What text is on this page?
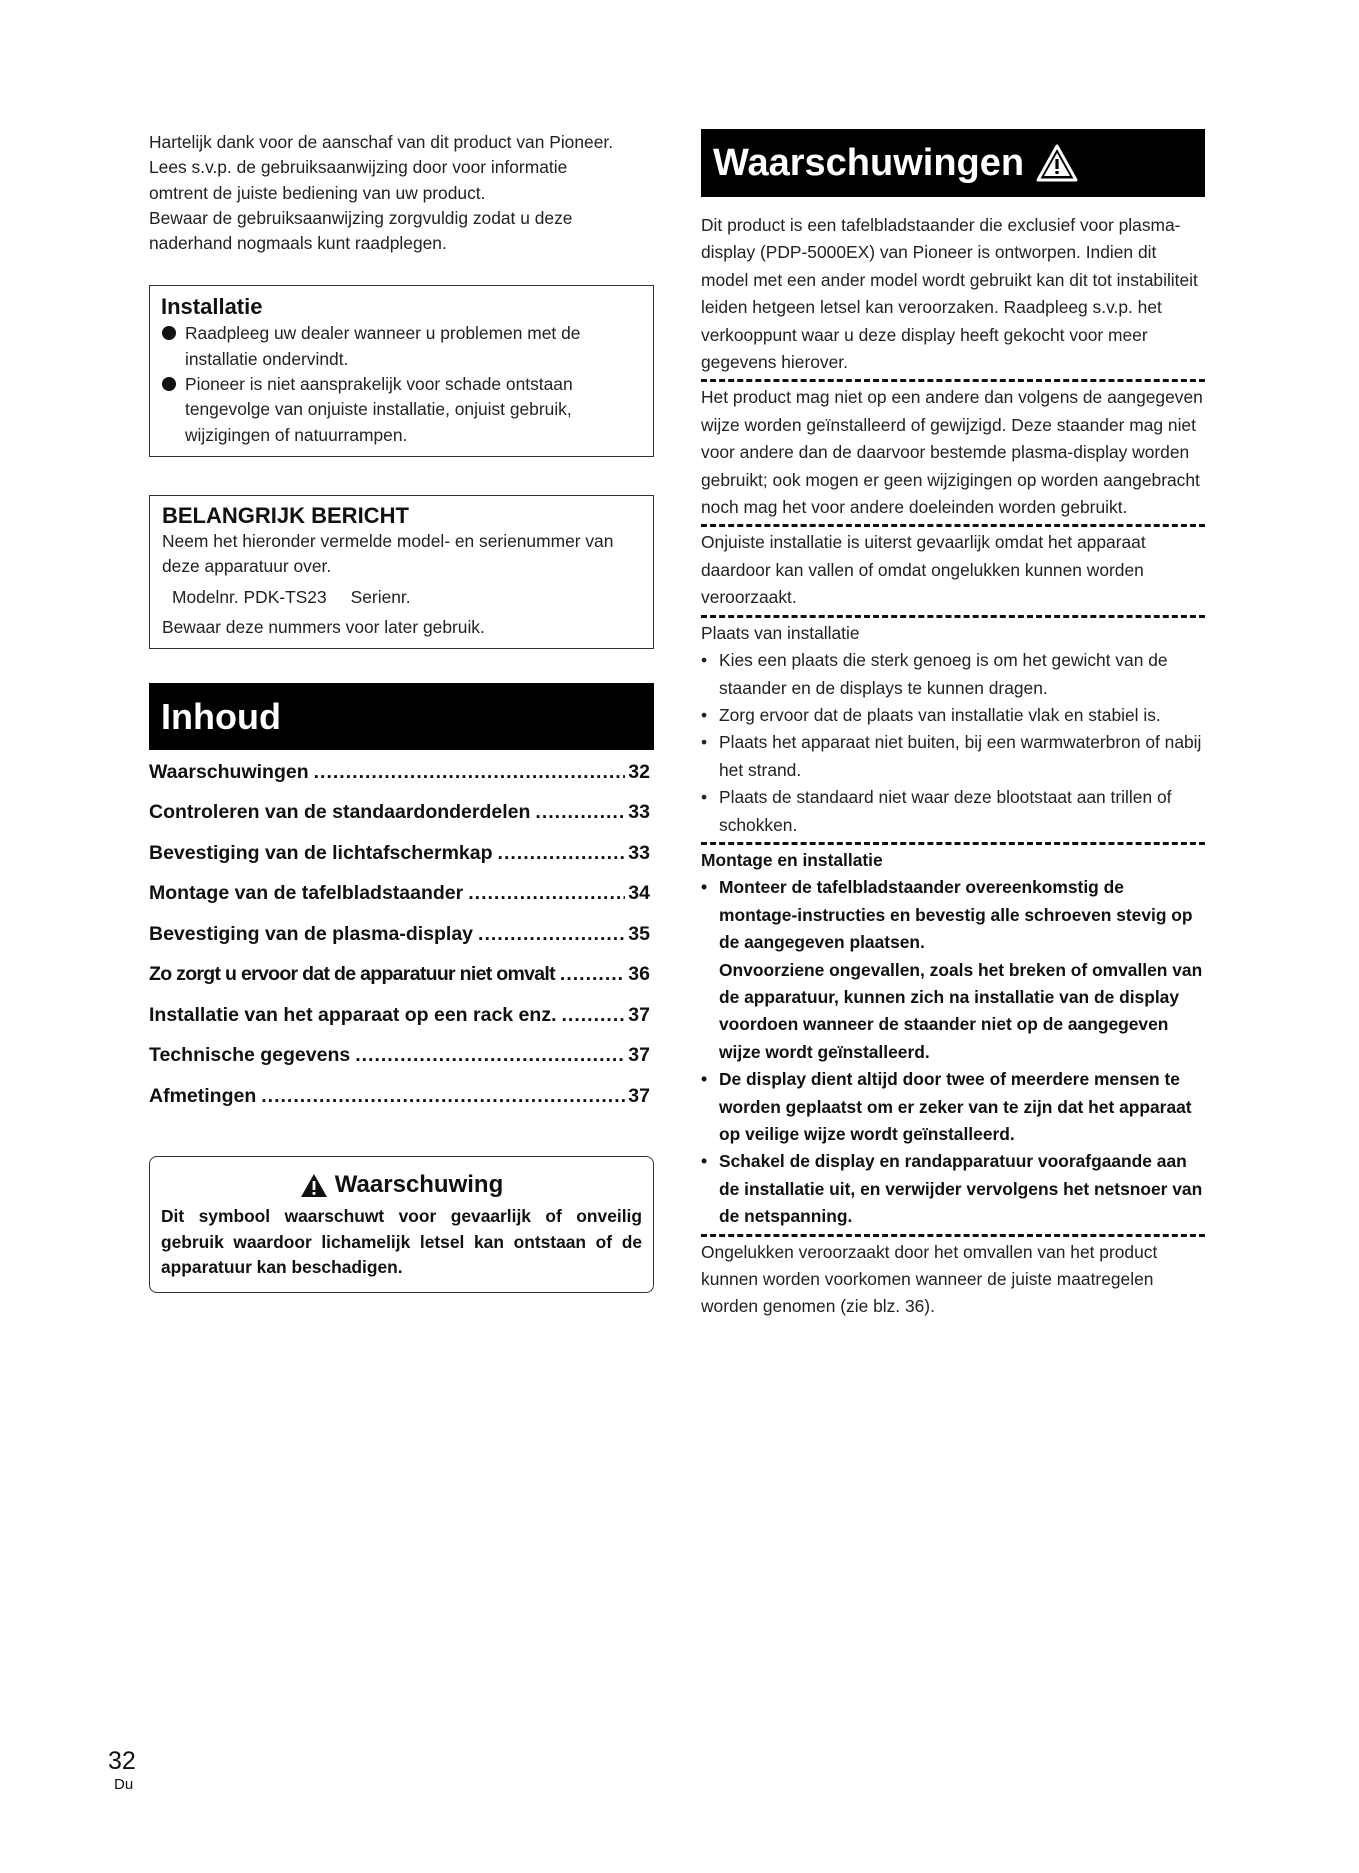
Hartelijk dank voor de aanschaf van dit product van Pioneer.

Lees s.v.p. de gebruiksaanwijzing door voor informatie

omtrent de juiste bediening van uw product.

Bewaar de gebruiksaanwijzing zorgvuldig zodat u deze

naderhand nogmaals kunt raadplegen.

Installatie
Raadpleeg uw dealer wanneer u problemen met de installatie ondervindt.
Pioneer is niet aansprakelijk voor schade ontstaan tengevolge van onjuiste installatie, onjuist gebruik, wijzigingen of natuurrampen.
BELANGRIJK BERICHT

Neem het hieronder vermelde model- en serienummer van deze apparatuur over.

Modelnr. PDK-TS23 Serienr.

Bewaar deze nummers voor later gebruik.

Inhoud
Waarschuwingen .....	32
Controleren van de standaardonderdelen .....	33
Bevestiging van de lichtafschermkap .....	33
Montage van de tafelbladstaander .....	34
Bevestiging van de plasma-display .....	35
Zo zorgt u ervoor dat de apparatuur niet omvalt .....	36
Installatie van het apparaat op een rack enz. .....	37
Technische gegevens .....	37
Afmetingen .....	37
Waarschuwing

Dit symbool waarschuwt voor gevaarlijk of onveilig gebruik waardoor lichamelijk letsel kan ontstaan of de apparatuur kan beschadigen.

Waarschuwingen

Dit product is een tafelbladstaander die exclusief voor plasma-display (PDP-5000EX) van Pioneer is ontworpen. Indien dit model met een ander model wordt gebruikt kan dit tot instabiliteit leiden hetgeen letsel kan veroorzaken. Raadpleeg s.v.p. het verkooppunt waar u deze display heeft gekocht voor meer gegevens hierover.

Het product mag niet op een andere dan volgens de aangegeven wijze worden geïnstalleerd of gewijzigd. Deze staander mag niet voor andere dan de daarvoor bestemde plasma-display worden gebruikt; ook mogen er geen wijzigingen op worden aangebracht noch mag het voor andere doeleinden worden gebruikt.

Onjuiste installatie is uiterst gevaarlijk omdat het apparaat daardoor kan vallen of omdat ongelukken kunnen worden veroorzaakt.

Plaats van installatie

• Kies een plaats die sterk genoeg is om het gewicht van de staander en de displays te kunnen dragen.
• Zorg ervoor dat de plaats van installatie vlak en stabiel is.
• Plaats het apparaat niet buiten, bij een warmwaterbron of nabij het strand.
• Plaats de standaard niet waar deze blootstaat aan trillen of schokken.

Montage en installatie

• Monteer de tafelbladstaander overeenkomstig de montage-instructies en bevestig alle schroeven stevig op de aangegeven plaatsen.
Onvoorziene ongevallen, zoals het breken of omvallen van de apparatuur, kunnen zich na installatie van de display voordoen wanneer de staander niet op de aangegeven wijze wordt geïnstalleerd.
• De display dient altijd door twee of meerdere mensen te worden geplaatst om er zeker van te zijn dat het apparaat op veilige wijze wordt geïnstalleerd.
• Schakel de display en randapparatuur voorafgaande aan de installatie uit, en verwijder vervolgens het netsnoer van de netspanning.

Ongelukken veroorzaakt door het omvallen van het product kunnen worden voorkomen wanneer de juiste maatregelen worden genomen (zie blz. 36).

32
Du
